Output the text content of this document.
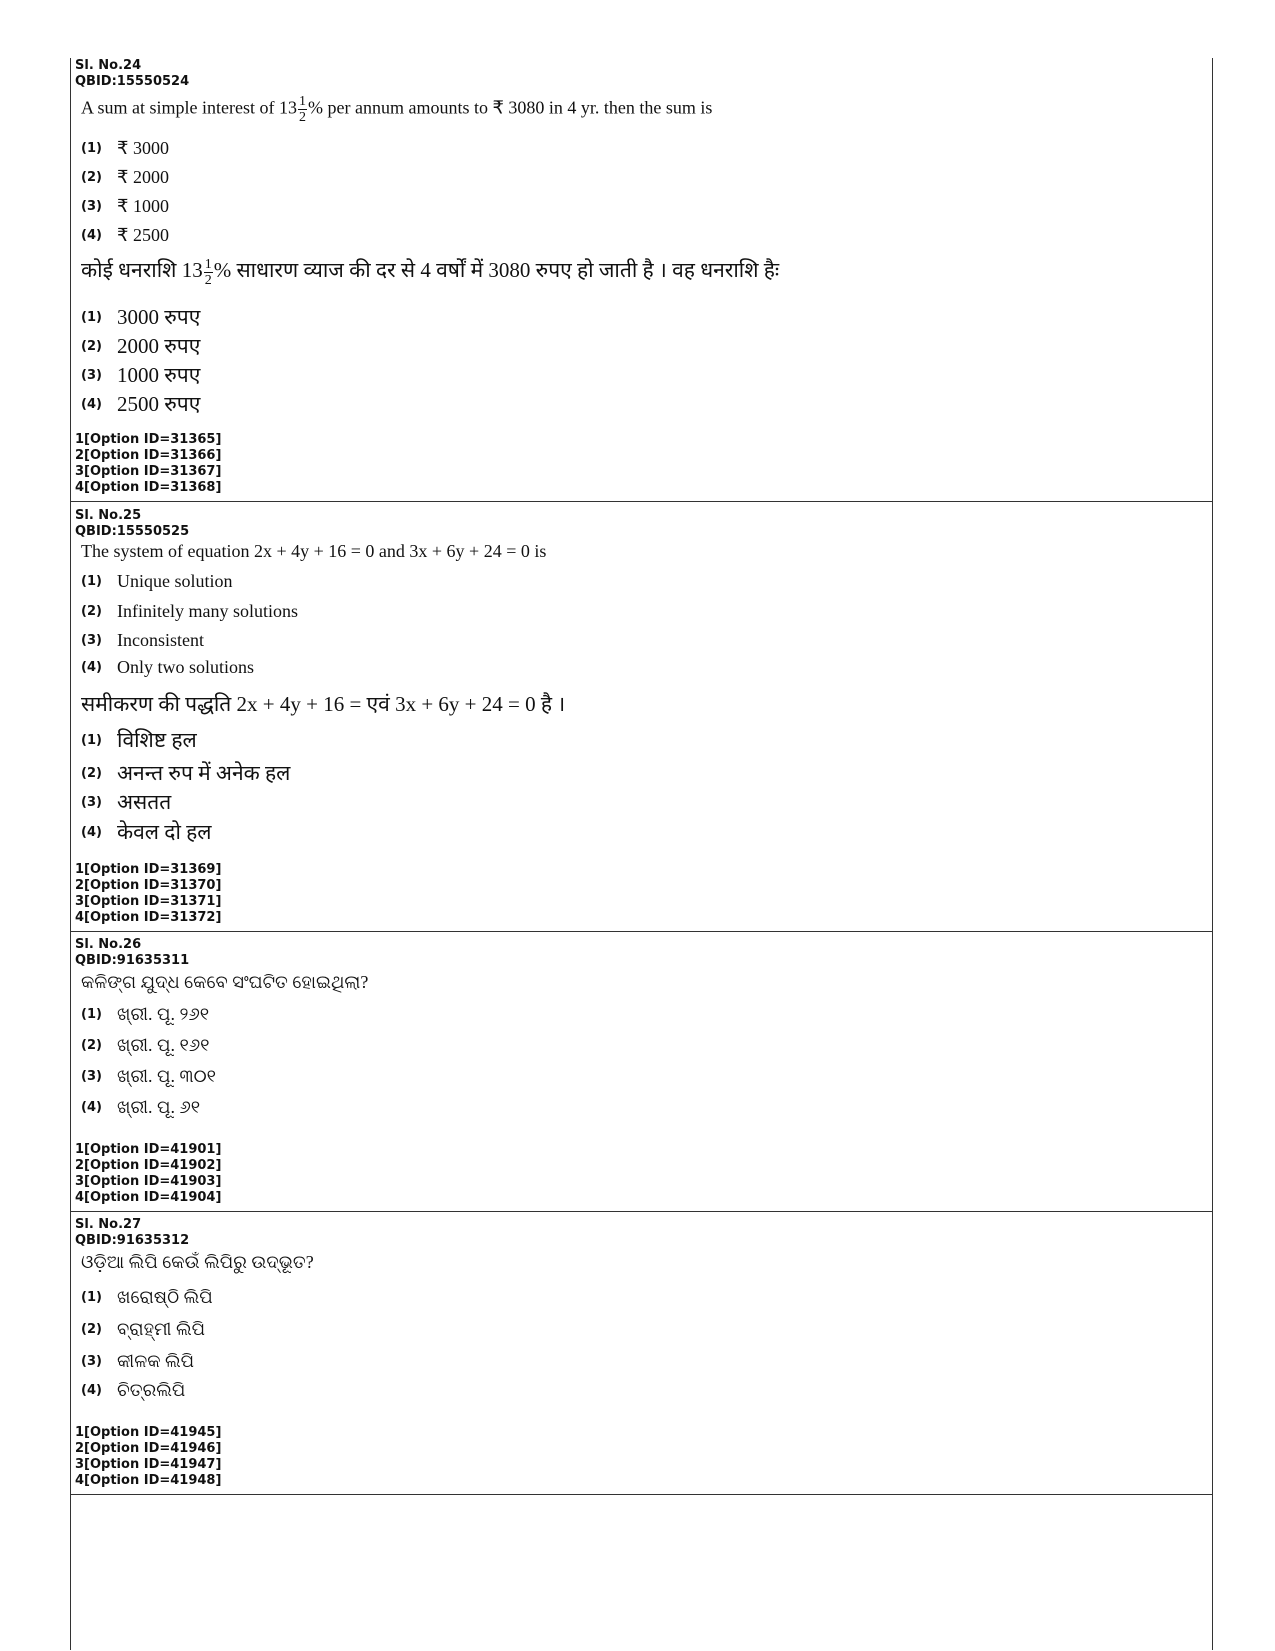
Sl. No.24
QBID:15550524
A sum at simple interest of $13 \frac{1}{2}$ % per annum amounts to ₹ 3080 in 4 yr. then the sum is
(1) ₹ 3000
(2) ₹ 2000
(3) ₹ 1000
(4) ₹ 2500
कोई धनराशि $13 \frac{1}{2}$ % साधारण व्याज की दर से 4 वर्षों में 3080 रुपए हो जाती है । वह धनराशि हैः
(1) 3000 रुपए
(2) 2000 रुपए
(3) 1000 रुपए
(4) 2500 रुपए
1[Option ID=31365]
2[Option ID=31366]
3[Option ID=31367]
4[Option ID=31368]
Sl. No.25
QBID:15550525
The system of equation 2x + 4y + 16 = 0 and 3x + 6y + 24 = 0 is
(1) Unique solution
(2) Infinitely many solutions
(3) Inconsistent
(4) Only two solutions
समीकरण की पद्धति 2x + 4y + 16 = एवं 3x + 6y + 24 = 0 है ।
(1) विशिष्ट हल
(2) अनन्त रुप में अनेक हल
(3) असतत
(4) केवल दो हल
1[Option ID=31369]
2[Option ID=31370]
3[Option ID=31371]
4[Option ID=31372]
Sl. No.26
QBID:91635311
କଳିଙ୍ଗ ଯୁଦ୍ଧ କେବେ ସଂଘଟିତ ହୋଇଥିଲା?
(1) ଖ୍ରୀ. ପୂ. ୨୬୧
(2) ଖ୍ରୀ. ପୂ. ୧୬୧
(3) ଖ୍ରୀ. ପୂ. ୩୦୧
(4) ଖ୍ରୀ. ପୂ. ୬୧
1[Option ID=41901]
2[Option ID=41902]
3[Option ID=41903]
4[Option ID=41904]
Sl. No.27
QBID:91635312
ଓଡ଼ିଆ ଲିପି କେଉଁ ଲିପିରୁ ଉଦ୍ଭୂତ?
(1) ଖରୋଷ୍ଠି ଲିପି
(2) ବ୍ରାହ୍ମୀ ଲିପି
(3) କୀଳକ ଲିପି
(4) ଚିତ୍ରଲିପି
1[Option ID=41945]
2[Option ID=41946]
3[Option ID=41947]
4[Option ID=41948]
